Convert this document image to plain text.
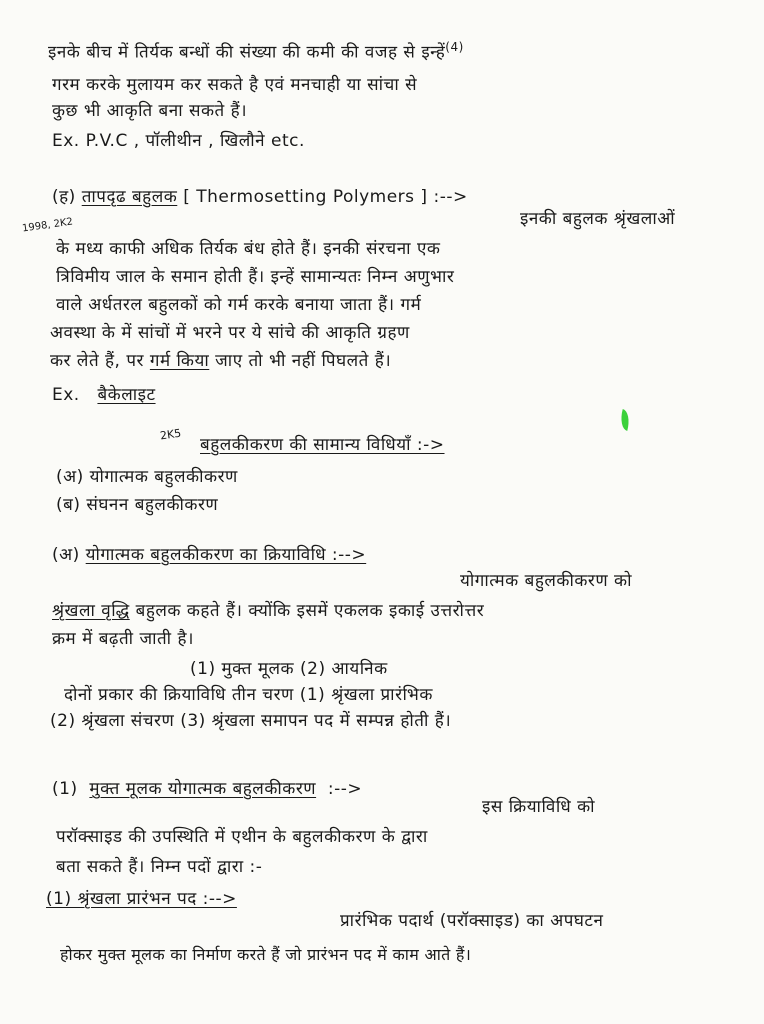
इनके बीच में तिर्यक बन्धों की संख्या की कमी की वजह से इन्हें$^{(4)}$
गरम करके मुलायम कर सकते है एवं मनचाही या सांचा से
कुछ भी आकृति बना सकते हैं।
Ex. P.V.C , पॉलीथीन , खिलौने etc.
(ह) तापदृढ बहुलक [ Thermosetting Polymers ] :-->
1998, 2K2	इनकी बहुलक श्रृंखलाओं
के मध्य काफी अधिक तिर्यक बंध होते हैं। इनकी संरचना एक
त्रिविमीय जाल के समान होती हैं। इन्हें सामान्यतः निम्न अणुभार
वाले अर्धतरल बहुलकों को गर्म करके बनाया जाता हैं। गर्म
अवस्था के में सांचों में भरने पर ये सांचे की आकृति ग्रहण
कर लेते हैं, पर गर्म किया जाए तो भी नहीं पिघलते हैं।
Ex. बैकेलाइट
2K5
बहुलकीकरण की सामान्य विधियाँ :->
(अ) योगात्मक बहुलकीकरण
(ब) संघनन बहुलकीकरण
(अ) योगात्मक बहुलकीकरण का क्रियाविधि :-->
योगात्मक बहुलकीकरण को
श्रृंखला वृद्धि बहुलक कहते हैं। क्योंकि इसमें एकलक इकाई उत्तरोत्तर
क्रम में बढ़ती जाती है।
(1) मुक्त मूलक (2) आयनिक
दोनों प्रकार की क्रियाविधि तीन चरण (1) श्रृंखला प्रारंभिक
(2) श्रृंखला संचरण (3) श्रृंखला समापन पद में सम्पन्न होती हैं।
(1) मुक्त मूलक योगात्मक बहुलकीकरण :-->
इस क्रियाविधि को
परॉक्साइड की उपस्थिति में एथीन के बहुलकीकरण के द्वारा
बता सकते हैं। निम्न पदों द्वारा :-
(1) श्रृंखला प्रारंभन पद :-->
प्रारंभिक पदार्थ (परॉक्साइड) का अपघटन
होकर मुक्त मूलक का निर्माण करते हैं जो प्रारंभन पद में काम आते हैं।
